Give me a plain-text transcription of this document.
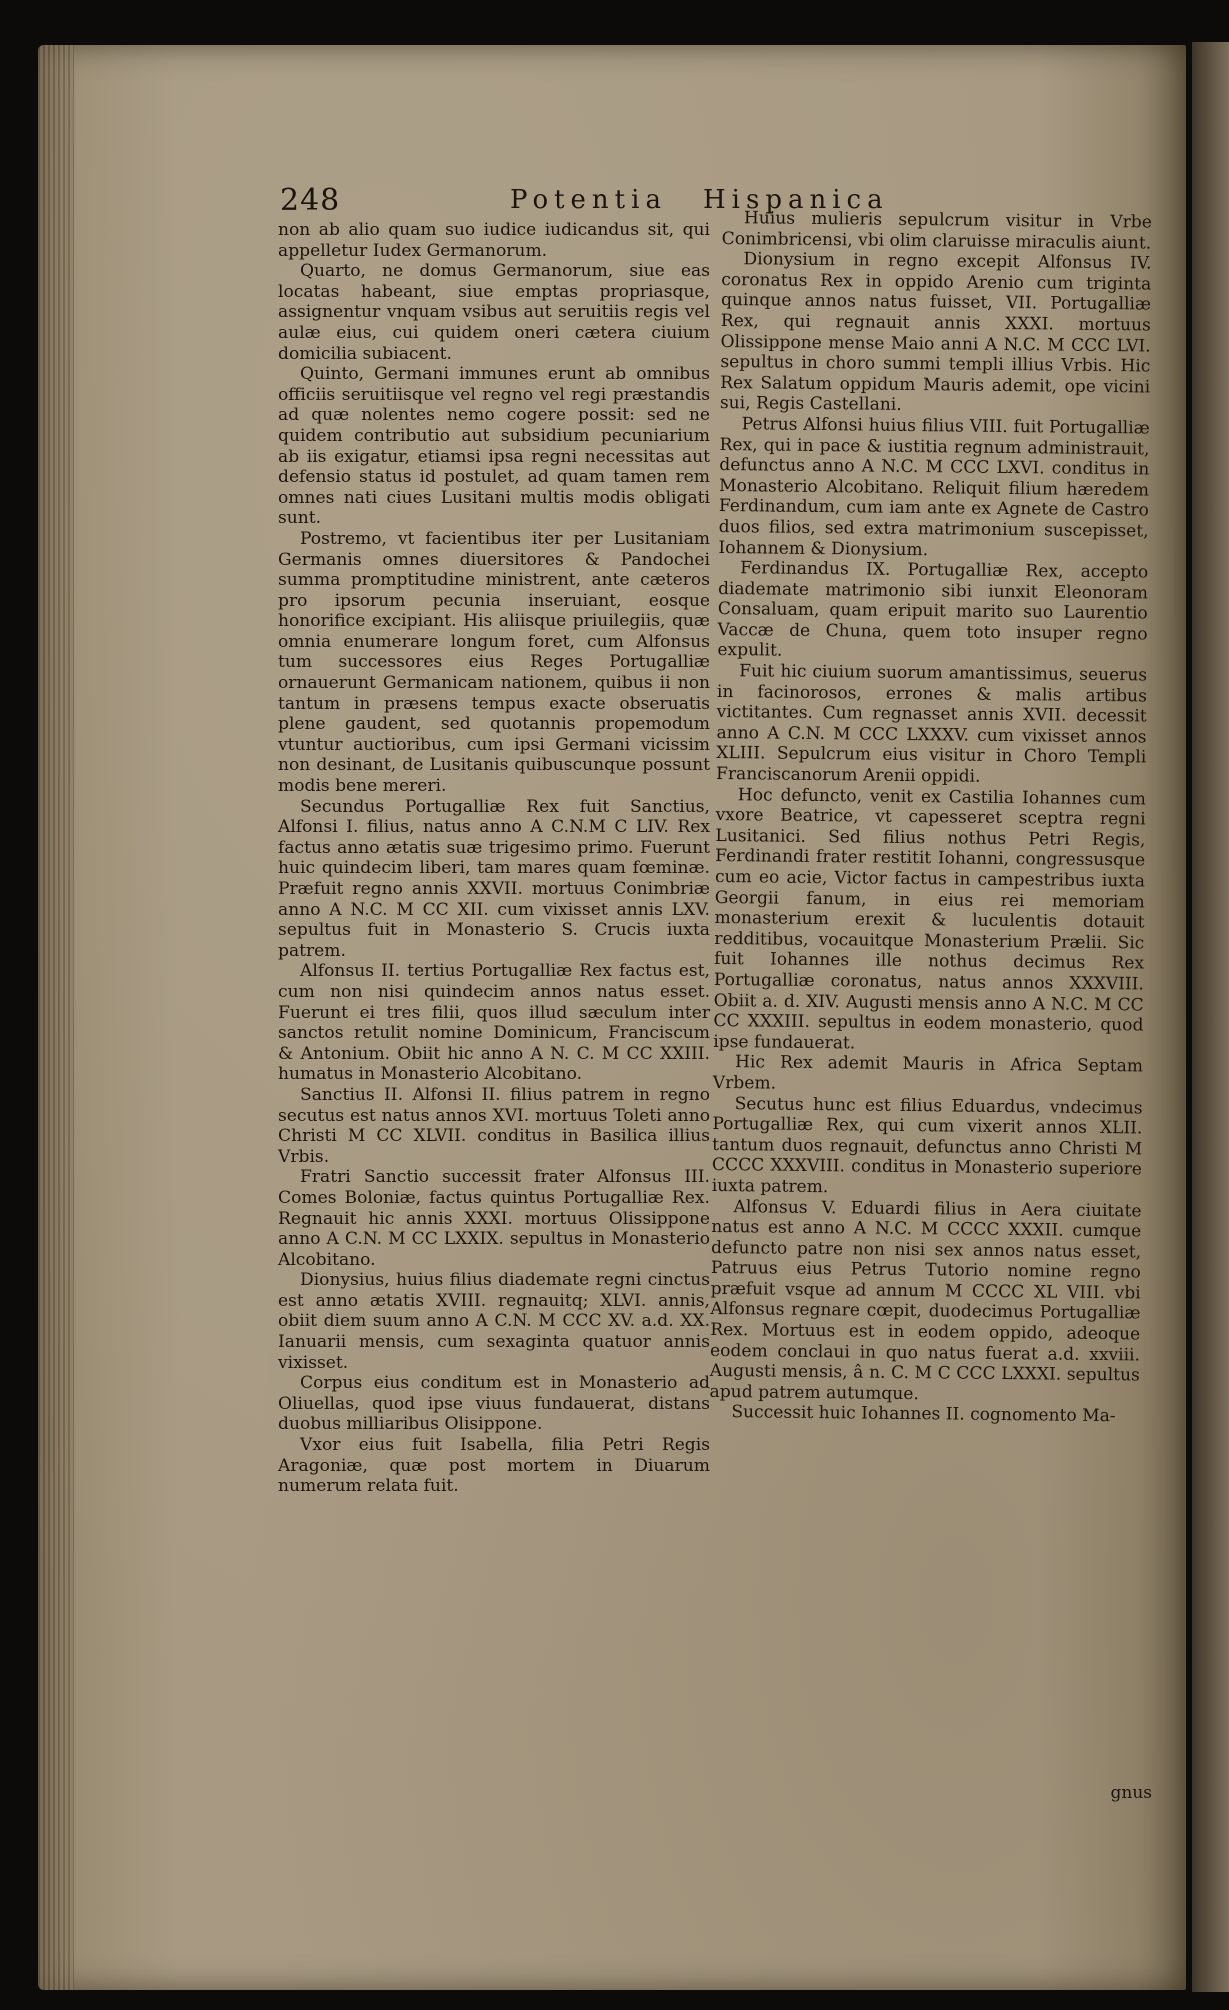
248	Potentia Hispanica

non ab alio quam suo iudice iudicandus sit, qui appelletur Iudex Germanorum.

Quarto, ne domus Germanorum, siue eas locatas habeant, siue emptas propriasque, assignentur vnquam vsibus aut seruitiis regis vel aulæ eius, cui quidem oneri cætera ciuium domicilia subiacent.

Quinto, Germani immunes erunt ab omnibus officiis seruitiisque vel regno vel regi præstandis ad quæ nolentes nemo cogere possit: sed ne quidem contributio aut subsidium pecuniarium ab iis exigatur, etiamsi ipsa regni necessitas aut defensio status id postulet, ad quam tamen rem omnes nati ciues Lusitani multis modis obligati sunt.

Postremo, vt facientibus iter per Lusitaniam Germanis omnes diuersitores & Pandochei summa promptitudine ministrent, ante cæteros pro ipsorum pecunia inseruiant, eosque honorifice excipiant. His aliisque priuilegiis, quæ omnia enumerare longum foret, cum Alfonsus tum successores eius Reges Portugalliæ ornauerunt Germanicam nationem, quibus ii non tantum in præsens tempus exacte obseruatis plene gaudent, sed quotannis propemodum vtuntur auctioribus, cum ipsi Germani vicissim non desinant, de Lusitanis quibuscunque possunt modis bene mereri.

Secundus Portugalliæ Rex fuit Sanctius, Alfonsi I. filius, natus anno A C.N.M C LIV. Rex factus anno ætatis suæ trigesimo primo. Fuerunt huic quindecim liberi, tam mares quam fœminæ. Præfuit regno annis XXVII. mortuus Conimbriæ anno A N.C. M CC XII. cum vixisset annis LXV. sepultus fuit in Monasterio S. Crucis iuxta patrem.

Alfonsus II. tertius Portugalliæ Rex factus est, cum non nisi quindecim annos natus esset. Fuerunt ei tres filii, quos illud sæculum inter sanctos retulit nomine Dominicum, Franciscum & Antonium. Obiit hic anno A N. C. M CC XXIII. humatus in Monasterio Alcobitano.

Sanctius II. Alfonsi II. filius patrem in regno secutus est natus annos XVI. mortuus Toleti anno Christi M CC XLVII. conditus in Basilica illius Vrbis.

Fratri Sanctio successit frater Alfonsus III. Comes Boloniæ, factus quintus Portugalliæ Rex. Regnauit hic annis XXXI. mortuus Olissippone anno A C.N. M CC LXXIX. sepultus in Monasterio Alcobitano.

Dionysius, huius filius diademate regni cinctus est anno ætatis XVIII. regnauitq; XLVI. annis, obiit diem suum anno A C.N. M CCC XV. a.d. XX. Ianuarii mensis, cum sexaginta quatuor annis vixisset.

Corpus eius conditum est in Monasterio ad Oliuellas, quod ipse viuus fundauerat, distans duobus milliaribus Olisippone.

Vxor eius fuit Isabella, filia Petri Regis Aragoniæ, quæ post mortem in Diuarum numerum relata fuit.

Huius mulieris sepulcrum visitur in Vrbe Conimbricensi, vbi olim claruisse miraculis aiunt.

Dionysium in regno excepit Alfonsus IV. coronatus Rex in oppido Arenio cum triginta quinque annos natus fuisset, VII. Portugalliæ Rex, qui regnauit annis XXXI. mortuus Olissippone mense Maio anni A N.C. M CCC LVI. sepultus in choro summi templi illius Vrbis. Hic Rex Salatum oppidum Mauris ademit, ope vicini sui, Regis Castellani.

Petrus Alfonsi huius filius VIII. fuit Portugalliæ Rex, qui in pace & iustitia regnum administrauit, defunctus anno A N.C. M CCC LXVI. conditus in Monasterio Alcobitano. Reliquit filium hæredem Ferdinandum, cum iam ante ex Agnete de Castro duos filios, sed extra matrimonium suscepisset, Iohannem & Dionysium.

Ferdinandus IX. Portugalliæ Rex, accepto diademate matrimonio sibi iunxit Eleonoram Consaluam, quam eripuit marito suo Laurentio Vaccæ de Chuna, quem toto insuper regno expulit.

Fuit hic ciuium suorum amantissimus, seuerus in facinorosos, errones & malis artibus victitantes. Cum regnasset annis XVII. decessit anno A C.N. M CCC LXXXV. cum vixisset annos XLIII. Sepulcrum eius visitur in Choro Templi Franciscanorum Arenii oppidi.

Hoc defuncto, venit ex Castilia Iohannes cum vxore Beatrice, vt capesseret sceptra regni Lusitanici. Sed filius nothus Petri Regis, Ferdinandi frater restitit Iohanni, congressusque cum eo acie, Victor factus in campestribus iuxta Georgii fanum, in eius rei memoriam monasterium erexit & luculentis dotauit redditibus, vocauitque Monasterium Prælii. Sic fuit Iohannes ille nothus decimus Rex Portugalliæ coronatus, natus annos XXXVIII. Obiit a. d. XIV. Augusti mensis anno A N.C. M CC CC XXXIII. sepultus in eodem monasterio, quod ipse fundauerat.

Hic Rex ademit Mauris in Africa Septam Vrbem.

Secutus hunc est filius Eduardus, vndecimus Portugalliæ Rex, qui cum vixerit annos XLII. tantum duos regnauit, defunctus anno Christi M CCCC XXXVIII. conditus in Monasterio superiore iuxta patrem.

Alfonsus V. Eduardi filius in Aera ciuitate natus est anno A N.C. M CCCC XXXII. cumque defuncto patre non nisi sex annos natus esset, Patruus eius Petrus Tutorio nomine regno præfuit vsque ad annum M CCCC XL VIII. vbi Alfonsus regnare cœpit, duodecimus Portugalliæ Rex. Mortuus est in eodem oppido, adeoque eodem conclaui in quo natus fuerat a.d. xxviii. Augusti mensis, â n. C. M C CCC LXXXI. sepultus apud patrem autumque.

Successit huic Iohannes II. cognomento Ma-

gnus
